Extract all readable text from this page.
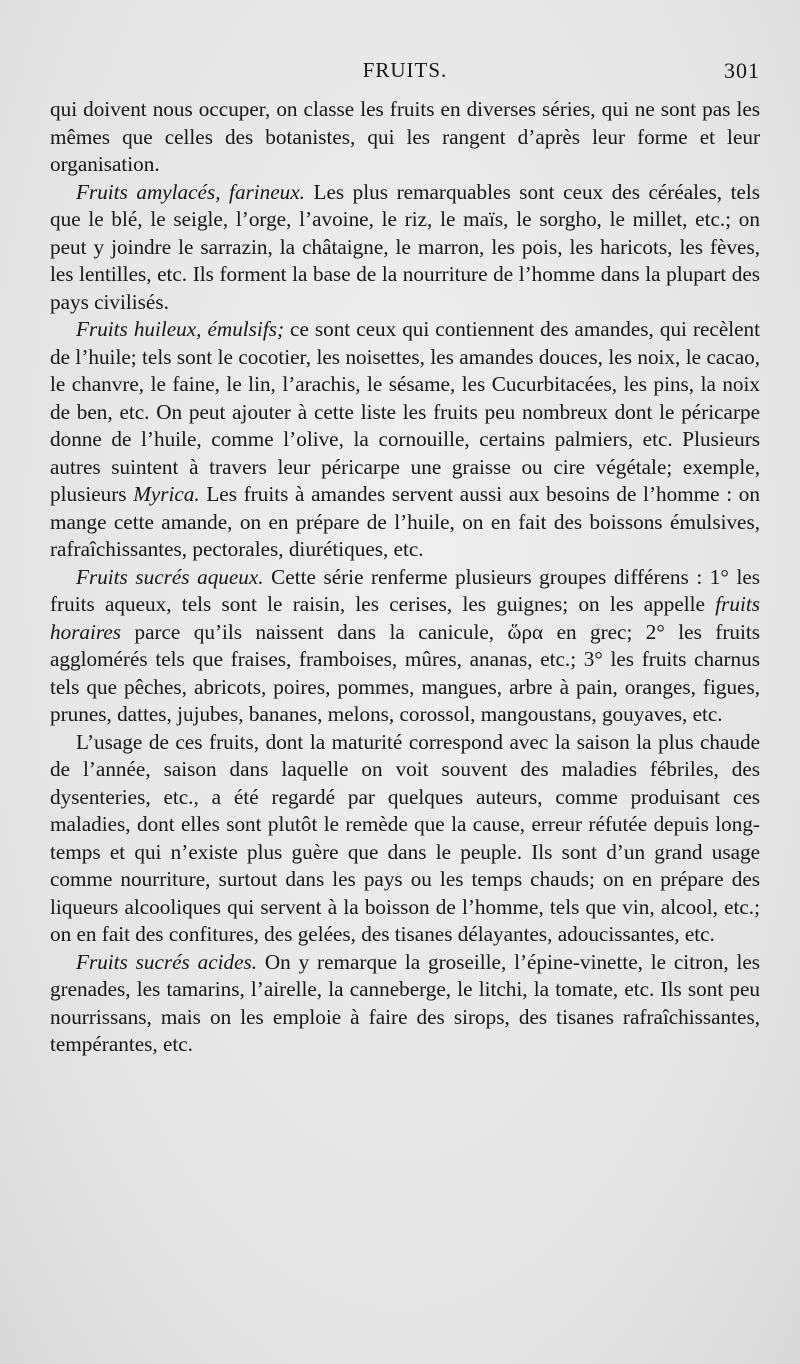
FRUITS.	301

qui doivent nous occuper, on classe les fruits en diverses séries, qui ne sont pas les mêmes que celles des botanistes, qui les rangent d’après leur forme et leur organisation.

Fruits amylacés, farineux. Les plus remarquables sont ceux des céréales, tels que le blé, le seigle, l’orge, l’avoine, le riz, le maïs, le sorgho, le millet, etc.; on peut y joindre le sarrazin, la châtaigne, le marron, les pois, les haricots, les fèves, les lentilles, etc. Ils forment la base de la nourriture de l’homme dans la plupart des pays civilisés.

Fruits huileux, émulsifs; ce sont ceux qui contiennent des amandes, qui recèlent de l’huile; tels sont le cocotier, les noisettes, les amandes douces, les noix, le cacao, le chanvre, le faine, le lin, l’arachis, le sésame, les Cucurbitacées, les pins, la noix de ben, etc. On peut ajouter à cette liste les fruits peu nombreux dont le péricarpe donne de l’huile, comme l’olive, la cornouille, certains palmiers, etc. Plusieurs autres suintent à travers leur péricarpe une graisse ou cire végétale; exemple, plusieurs Myrica. Les fruits à amandes servent aussi aux besoins de l’homme : on mange cette amande, on en prépare de l’huile, on en fait des boissons émulsives, rafraîchissantes, pectorales, diurétiques, etc.

Fruits sucrés aqueux. Cette série renferme plusieurs groupes différens : 1° les fruits aqueux, tels sont le raisin, les cerises, les guignes; on les appelle fruits horaires parce qu’ils naissent dans la canicule, ὥρα en grec; 2° les fruits agglomérés tels que fraises, framboises, mûres, ananas, etc.; 3° les fruits charnus tels que pêches, abricots, poires, pommes, mangues, arbre à pain, oranges, figues, prunes, dattes, jujubes, bananes, melons, corossol, mangoustans, gouyaves, etc.

L’usage de ces fruits, dont la maturité correspond avec la saison la plus chaude de l’année, saison dans laquelle on voit souvent des maladies fébriles, des dysenteries, etc., a été regardé par quelques auteurs, comme produisant ces maladies, dont elles sont plutôt le remède que la cause, erreur réfutée depuis long-temps et qui n’existe plus guère que dans le peuple. Ils sont d’un grand usage comme nourriture, surtout dans les pays ou les temps chauds; on en prépare des liqueurs alcooliques qui servent à la boisson de l’homme, tels que vin, alcool, etc.; on en fait des confitures, des gelées, des tisanes délayantes, adoucissantes, etc.

Fruits sucrés acides. On y remarque la groseille, l’épine-vinette, le citron, les grenades, les tamarins, l’airelle, la canneberge, le litchi, la tomate, etc. Ils sont peu nourrissans, mais on les emploie à faire des sirops, des tisanes rafraîchissantes, tempérantes, etc.
